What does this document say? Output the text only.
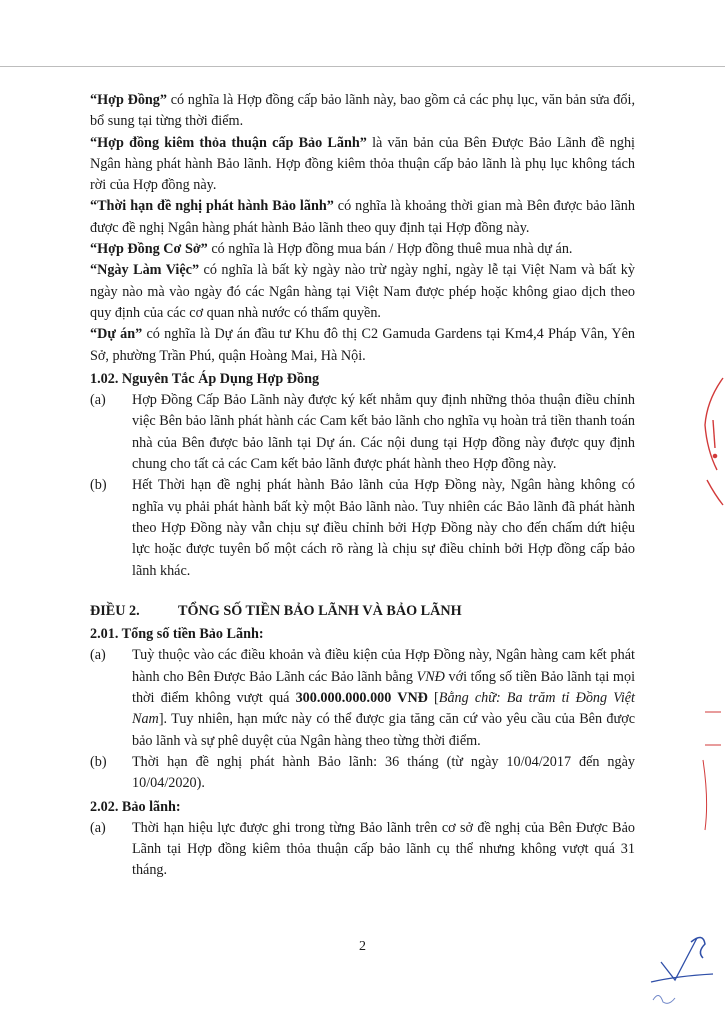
“Hợp Đồng” có nghĩa là Hợp đồng cấp bảo lãnh này, bao gồm cả các phụ lục, văn bản sửa đổi, bổ sung tại từng thời điểm.

“Hợp đồng kiêm thỏa thuận cấp Bảo Lãnh” là văn bản của Bên Được Bảo Lãnh đề nghị Ngân hàng phát hành Bảo lãnh. Hợp đồng kiêm thỏa thuận cấp bảo lãnh là phụ lục không tách rời của Hợp đồng này.

“Thời hạn đề nghị phát hành Bảo lãnh” có nghĩa là khoảng thời gian mà Bên được bảo lãnh được đề nghị Ngân hàng phát hành Bảo lãnh theo quy định tại Hợp đồng này.

“Hợp Đồng Cơ Sở” có nghĩa là Hợp đồng mua bán / Hợp đồng thuê mua nhà dự án.

“Ngày Làm Việc” có nghĩa là bất kỳ ngày nào trừ ngày nghỉ, ngày lễ tại Việt Nam và bất kỳ ngày nào mà vào ngày đó các Ngân hàng tại Việt Nam được phép hoặc không giao dịch theo quy định của các cơ quan nhà nước có thẩm quyền.

“Dự án” có nghĩa là Dự án đầu tư Khu đô thị C2 Gamuda Gardens tại Km4,4 Pháp Vân, Yên Sở, phường Trần Phú, quận Hoàng Mai, Hà Nội.

1.02. Nguyên Tắc Áp Dụng Hợp Đồng

(a)	Hợp Đồng Cấp Bảo Lãnh này được ký kết nhằm quy định những thỏa thuận điều chỉnh việc Bên bảo lãnh phát hành các Cam kết bảo lãnh cho nghĩa vụ hoàn trả tiền thanh toán nhà của Bên được bảo lãnh tại Dự án. Các nội dung tại Hợp đồng này được quy định chung cho tất cả các Cam kết bảo lãnh được phát hành theo Hợp đồng này.
(b)	Hết Thời hạn đề nghị phát hành Bảo lãnh của Hợp Đồng này, Ngân hàng không có nghĩa vụ phải phát hành bất kỳ một Bảo lãnh nào. Tuy nhiên các Bảo lãnh đã phát hành theo Hợp Đồng này vẫn chịu sự điều chỉnh bởi Hợp Đồng này cho đến chấm dứt hiệu lực hoặc được tuyên bố một cách rõ ràng là chịu sự điều chỉnh bởi Hợp đồng cấp bảo lãnh khác.
ĐIỀU 2.	TỔNG SỐ TIỀN BẢO LÃNH VÀ BẢO LÃNH

2.01. Tổng số tiền Bảo Lãnh:

(a)	Tuỳ thuộc vào các điều khoản và điều kiện của Hợp Đồng này, Ngân hàng cam kết phát hành cho Bên Được Bảo Lãnh các Bảo lãnh bằng VNĐ với tổng số tiền Bảo lãnh tại mọi thời điểm không vượt quá 300.000.000.000 VNĐ [Bằng chữ: Ba trăm tỉ Đồng Việt Nam]. Tuy nhiên, hạn mức này có thể được gia tăng căn cứ vào yêu cầu của Bên được bảo lãnh và sự phê duyệt của Ngân hàng theo từng thời điểm.
(b)	Thời hạn đề nghị phát hành Bảo lãnh: 36 tháng (từ ngày 10/04/2017 đến ngày 10/04/2020).

2.02. Bảo lãnh:

(a)	Thời hạn hiệu lực được ghi trong từng Bảo lãnh trên cơ sở đề nghị của Bên Được Bảo Lãnh tại Hợp đồng kiêm thỏa thuận cấp bảo lãnh cụ thể nhưng không vượt quá 31 tháng.
2
